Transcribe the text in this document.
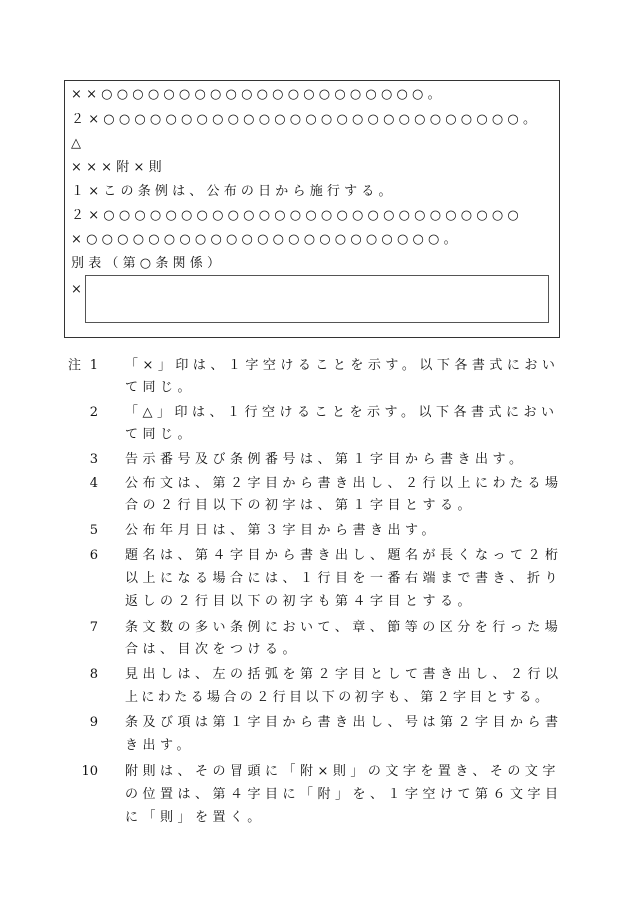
××○○○○○○○○○○○○○○○○○○○○○。
２×○○○○○○○○○○○○○○○○○○○○○○○○○○○。
△
×××附×則
１×この条例は、公布の日から施行する。
２×○○○○○○○○○○○○○○○○○○○○○○○○○○○
×○○○○○○○○○○○○○○○○○○○○○○○。
別表（第○条関係）
×
注 1 「×」印は、１字空けることを示す。以下各書式におい
て同じ。
2 「△」印は、１行空けることを示す。以下各書式におい
て同じ。
3 告示番号及び条例番号は、第１字目から書き出す。
4 公布文は、第２字目から書き出し、２行以上にわたる場
合の２行目以下の初字は、第１字目とする。
5 公布年月日は、第３字目から書き出す。
6 題名は、第４字目から書き出し、題名が長くなって２桁
以上になる場合には、１行目を一番右端まで書き、折り
返しの２行目以下の初字も第４字目とする。
7 条文数の多い条例において、章、節等の区分を行った場
合は、目次をつける。
8 見出しは、左の括弧を第２字目として書き出し、２行以
上にわたる場合の２行目以下の初字も、第２字目とする。
9 条及び項は第１字目から書き出し、号は第２字目から書
き出す。
10 附則は、その冒頭に「附×則」の文字を置き、その文字
の位置は、第４字目に「附」を、１字空けて第６文字目
に「則」を置く。
